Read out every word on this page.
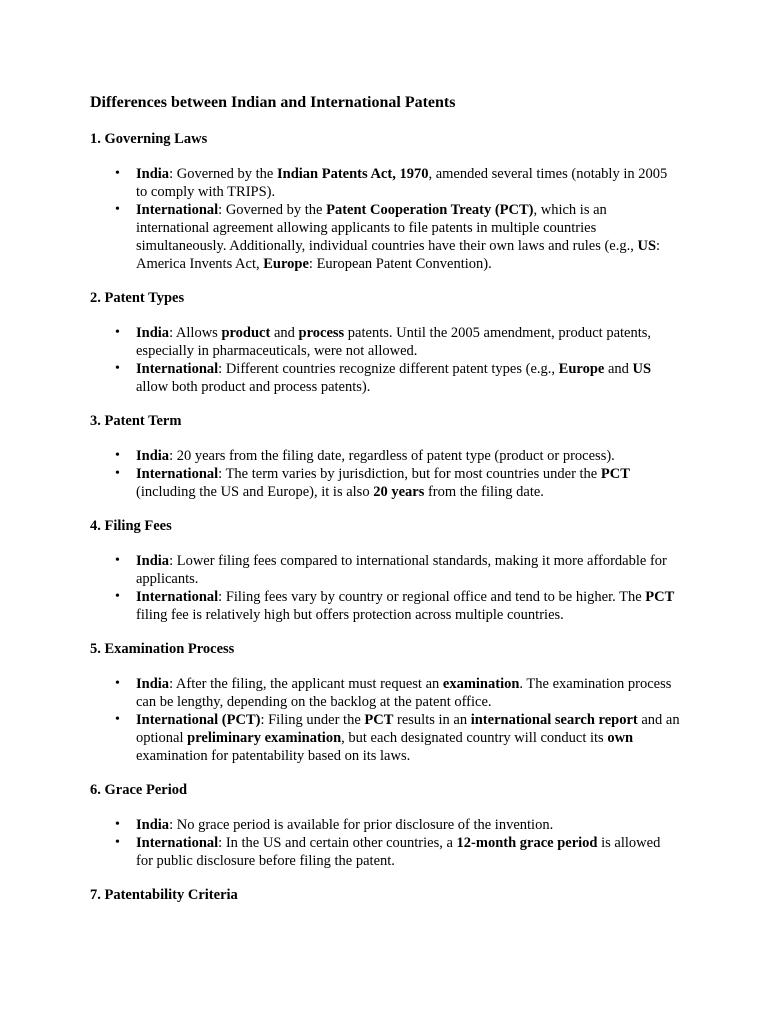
Differences between Indian and International Patents
1. Governing Laws
• India: Governed by the Indian Patents Act, 1970, amended several times (notably in 2005 to comply with TRIPS).
• International: Governed by the Patent Cooperation Treaty (PCT), which is an international agreement allowing applicants to file patents in multiple countries simultaneously. Additionally, individual countries have their own laws and rules (e.g., US: America Invents Act, Europe: European Patent Convention).
2. Patent Types
• India: Allows product and process patents. Until the 2005 amendment, product patents, especially in pharmaceuticals, were not allowed.
• International: Different countries recognize different patent types (e.g., Europe and US allow both product and process patents).
3. Patent Term
• India: 20 years from the filing date, regardless of patent type (product or process).
• International: The term varies by jurisdiction, but for most countries under the PCT (including the US and Europe), it is also 20 years from the filing date.
4. Filing Fees
• India: Lower filing fees compared to international standards, making it more affordable for applicants.
• International: Filing fees vary by country or regional office and tend to be higher. The PCT filing fee is relatively high but offers protection across multiple countries.
5. Examination Process
• India: After the filing, the applicant must request an examination. The examination process can be lengthy, depending on the backlog at the patent office.
• International (PCT): Filing under the PCT results in an international search report and an optional preliminary examination, but each designated country will conduct its own examination for patentability based on its laws.
6. Grace Period
• India: No grace period is available for prior disclosure of the invention.
• International: In the US and certain other countries, a 12-month grace period is allowed for public disclosure before filing the patent.
7. Patentability Criteria
